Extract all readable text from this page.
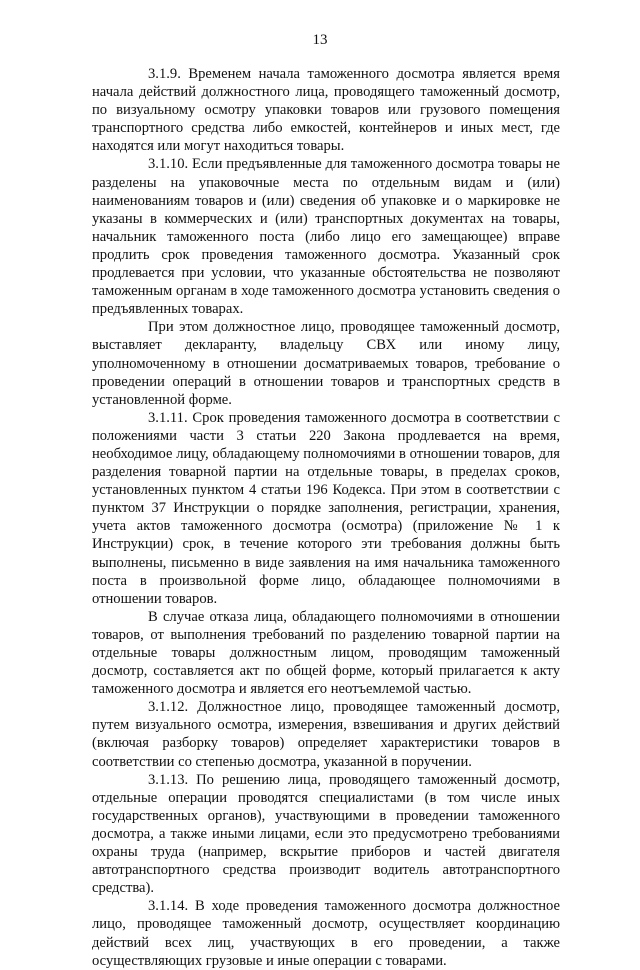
13

3.1.9. Временем начала таможенного досмотра является время начала действий должностного лица, проводящего таможенный досмотр, по визуальному осмотру упаковки товаров или грузового помещения транспортного средства либо емкостей, контейнеров и иных мест, где находятся или могут находиться товары.

3.1.10. Если предъявленные для таможенного досмотра товары не разделены на упаковочные места по отдельным видам и (или) наименованиям товаров и (или) сведения об упаковке и о маркировке не указаны в коммерческих и (или) транспортных документах на товары, начальник таможенного поста (либо лицо его замещающее) вправе продлить срок проведения таможенного досмотра. Указанный срок продлевается при условии, что указанные обстоятельства не позволяют таможенным органам в ходе таможенного досмотра установить сведения о предъявленных товарах.

При этом должностное лицо, проводящее таможенный досмотр, выставляет декларанту, владельцу СВХ или иному лицу, уполномоченному в отношении досматриваемых товаров, требование о проведении операций в отношении товаров и транспортных средств в установленной форме.

3.1.11. Срок проведения таможенного досмотра в соответствии с положениями части 3 статьи 220 Закона продлевается на время, необходимое лицу, обладающему полномочиями в отношении товаров, для разделения товарной партии на отдельные товары, в пределах сроков, установленных пунктом 4 статьи 196 Кодекса. При этом в соответствии с пунктом 37 Инструкции о порядке заполнения, регистрации, хранения, учета актов таможенного досмотра (осмотра) (приложение № 1 к Инструкции) срок, в течение которого эти требования должны быть выполнены, письменно в виде заявления на имя начальника таможенного поста в произвольной форме лицо, обладающее полномочиями в отношении товаров.

В случае отказа лица, обладающего полномочиями в отношении товаров, от выполнения требований по разделению товарной партии на отдельные товары должностным лицом, проводящим таможенный досмотр, составляется акт по общей форме, который прилагается к акту таможенного досмотра и является его неотъемлемой частью.

3.1.12. Должностное лицо, проводящее таможенный досмотр, путем визуального осмотра, измерения, взвешивания и других действий (включая разборку товаров) определяет характеристики товаров в соответствии со степенью досмотра, указанной в поручении.

3.1.13. По решению лица, проводящего таможенный досмотр, отдельные операции проводятся специалистами (в том числе иных государственных органов), участвующими в проведении таможенного досмотра, а также иными лицами, если это предусмотрено требованиями охраны труда (например, вскрытие приборов и частей двигателя автотранспортного средства производит водитель автотранспортного средства).

3.1.14. В ходе проведения таможенного досмотра должностное лицо, проводящее таможенный досмотр, осуществляет координацию действий всех лиц, участвующих в его проведении, а также осуществляющих грузовые и иные операции с товарами.
